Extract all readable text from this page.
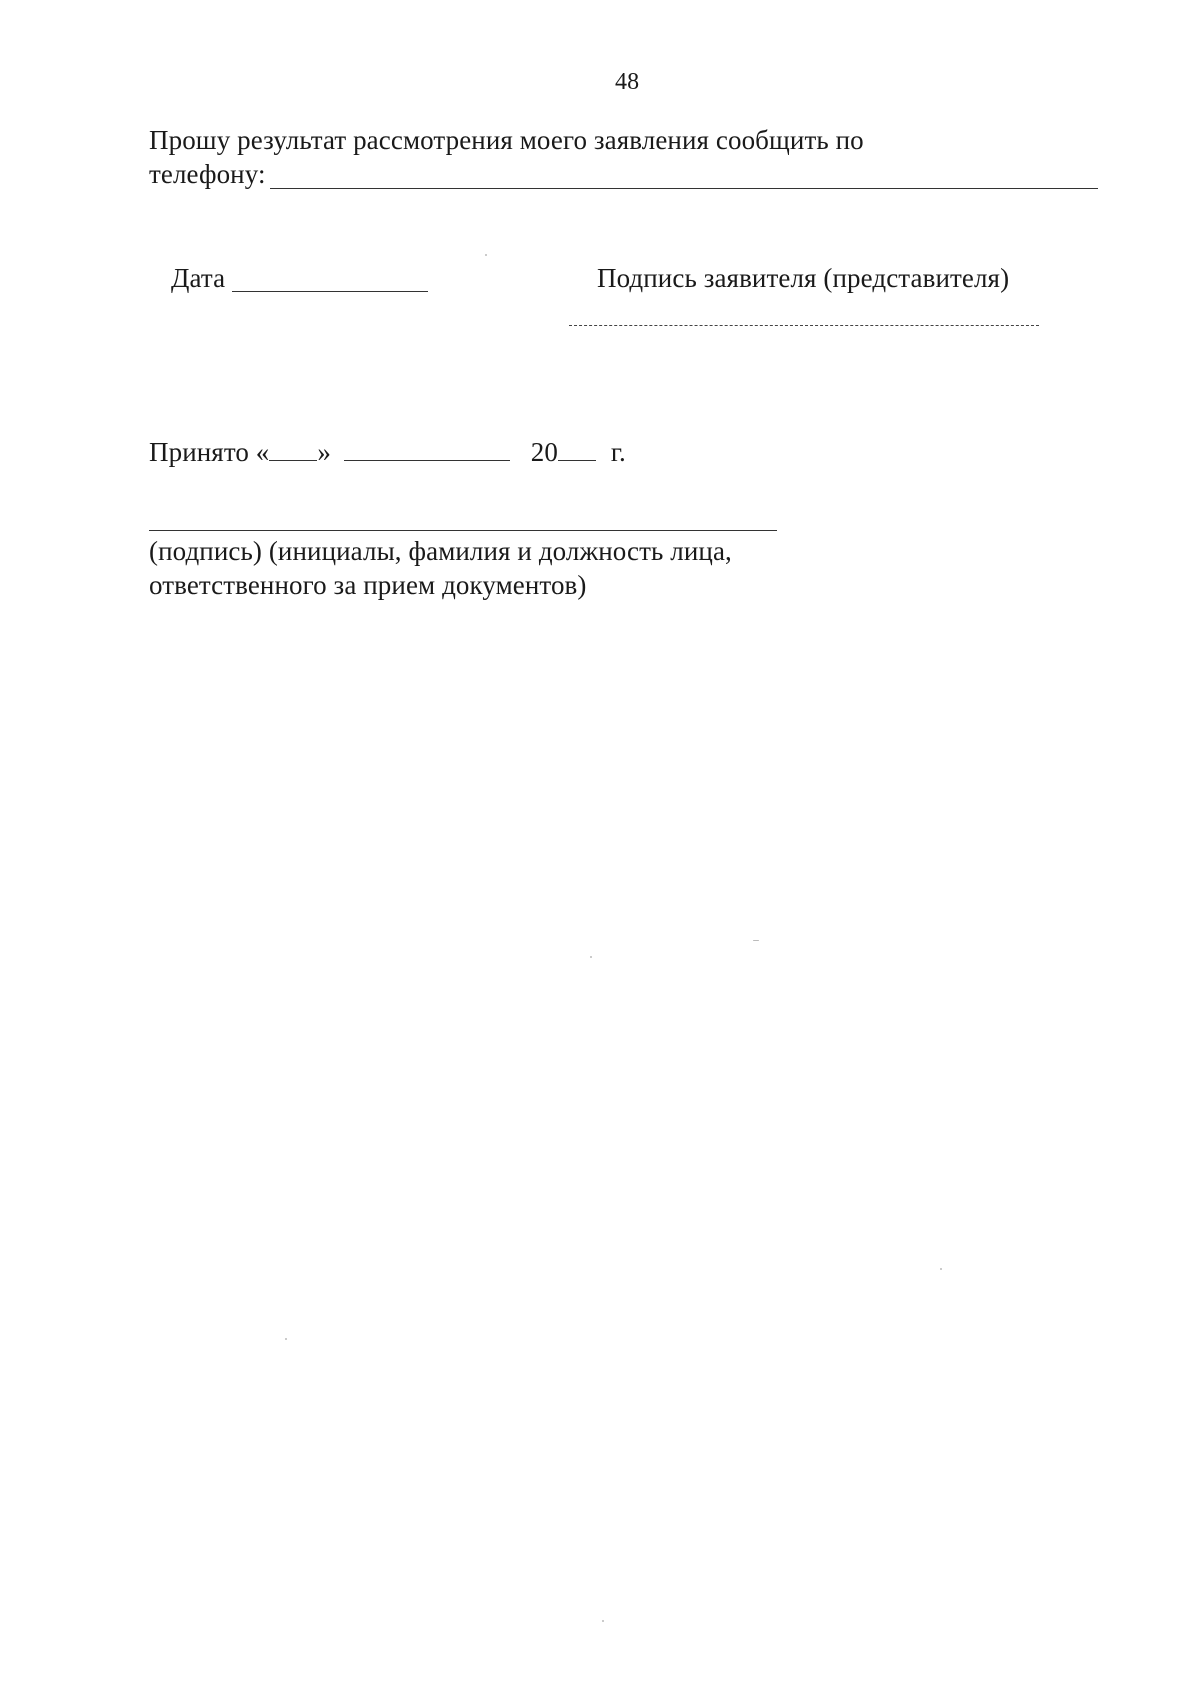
48
Прошу результат рассмотрения моего заявления сообщить по
телефону:
Дата	Подпись заявителя (представителя)
Принято « »	20 г.
(подпись) (инициалы, фамилия и должность лица,
ответственного за прием документов)
